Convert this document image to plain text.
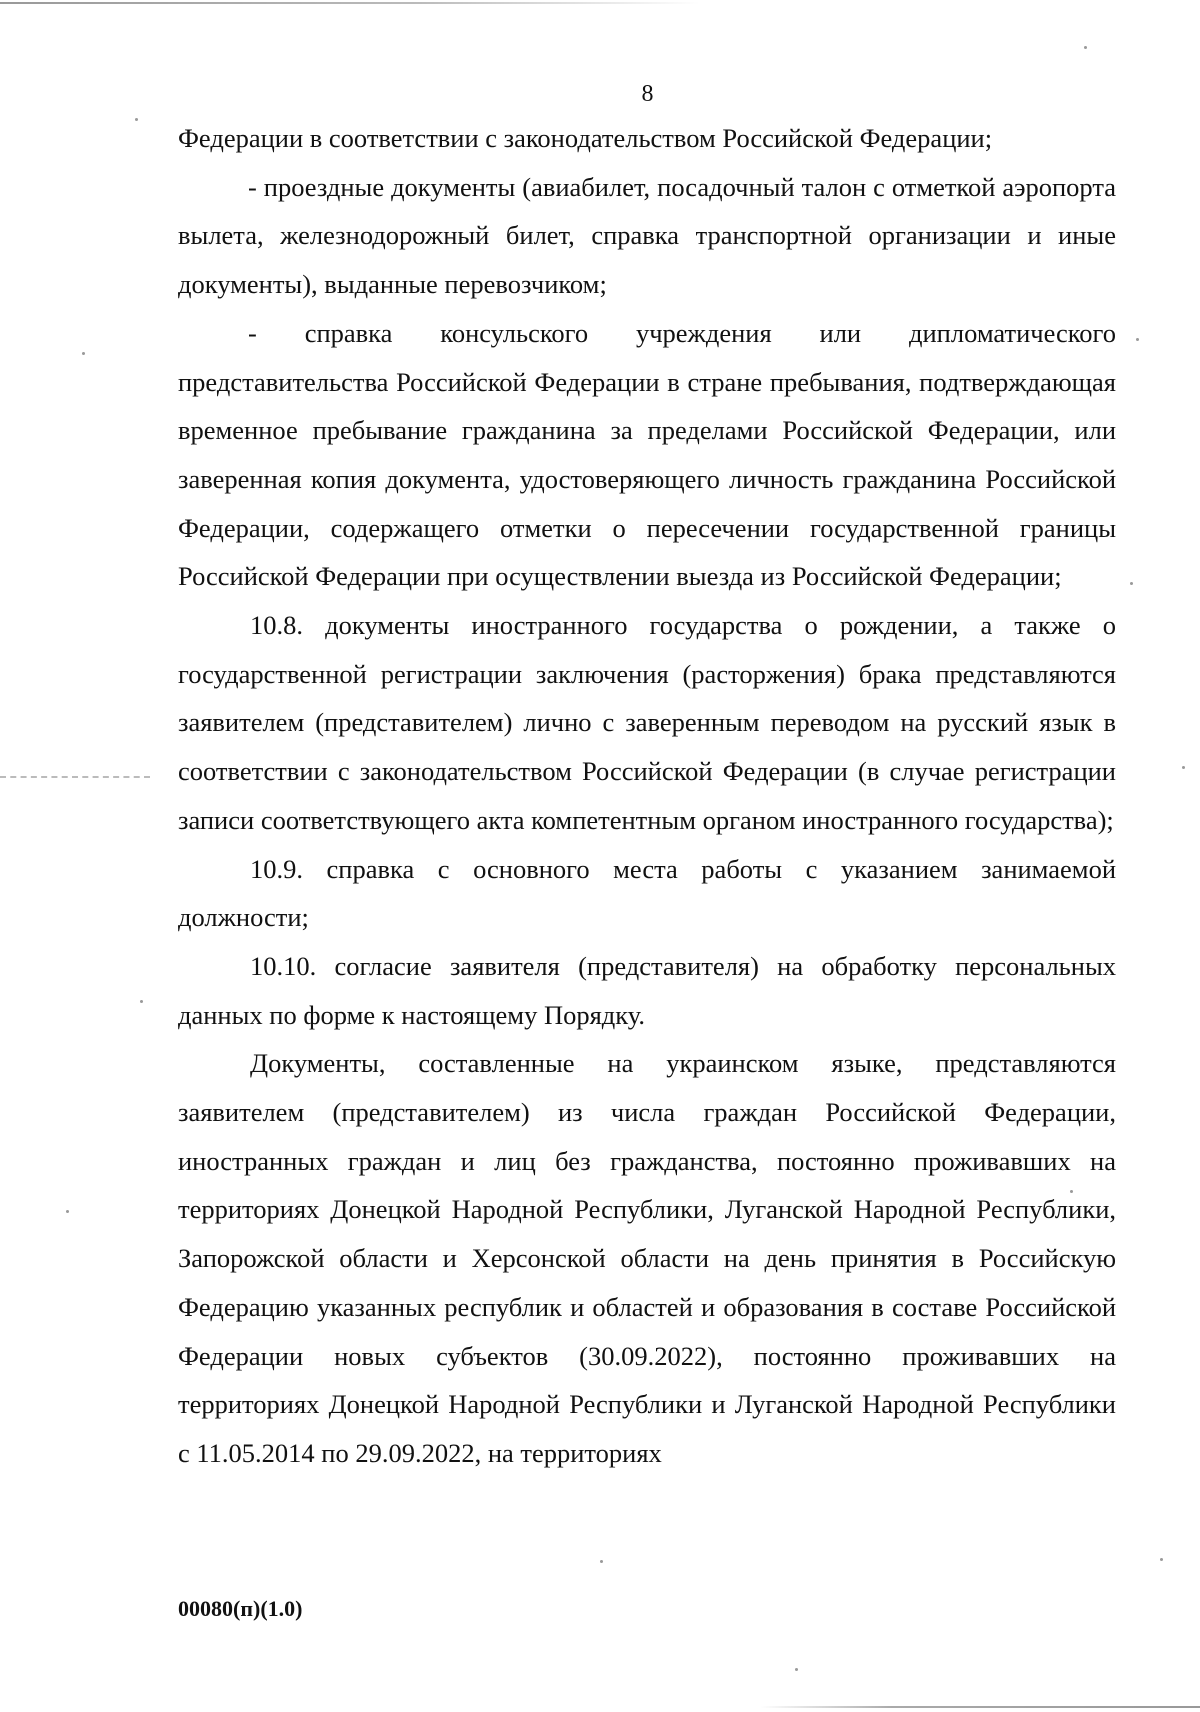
8

Федерации в соответствии с законодательством Российской Федерации;

- проездные документы (авиабилет, посадочный талон с отметкой аэропорта вылета, железнодорожный билет, справка транспортной организации и иные документы), выданные перевозчиком;

- справка консульского учреждения или дипломатического представительства Российской Федерации в стране пребывания, подтверждающая временное пребывание гражданина за пределами Российской Федерации, или заверенная копия документа, удостоверяющего личность гражданина Российской Федерации, содержащего отметки о пересечении государственной границы Российской Федерации при осуществлении выезда из Российской Федерации;

10.8. документы иностранного государства о рождении, а также о государственной регистрации заключения (расторжения) брака представляются заявителем (представителем) лично с заверенным переводом на русский язык в соответствии с законодательством Российской Федерации (в случае регистрации записи соответствующего акта компетентным органом иностранного государства);

10.9. справка с основного места работы с указанием занимаемой должности;

10.10. согласие заявителя (представителя) на обработку персональных данных по форме к настоящему Порядку.

Документы, составленные на украинском языке, представляются заявителем (представителем) из числа граждан Российской Федерации, иностранных граждан и лиц без гражданства, постоянно проживавших на территориях Донецкой Народной Республики, Луганской Народной Республики, Запорожской области и Херсонской области на день принятия в Российскую Федерацию указанных республик и областей и образования в составе Российской Федерации новых субъектов (30.09.2022), постоянно проживавших на территориях Донецкой Народной Республики и Луганской Народной Республики с 11.05.2014 по 29.09.2022, на территориях

00080(п)(1.0)
